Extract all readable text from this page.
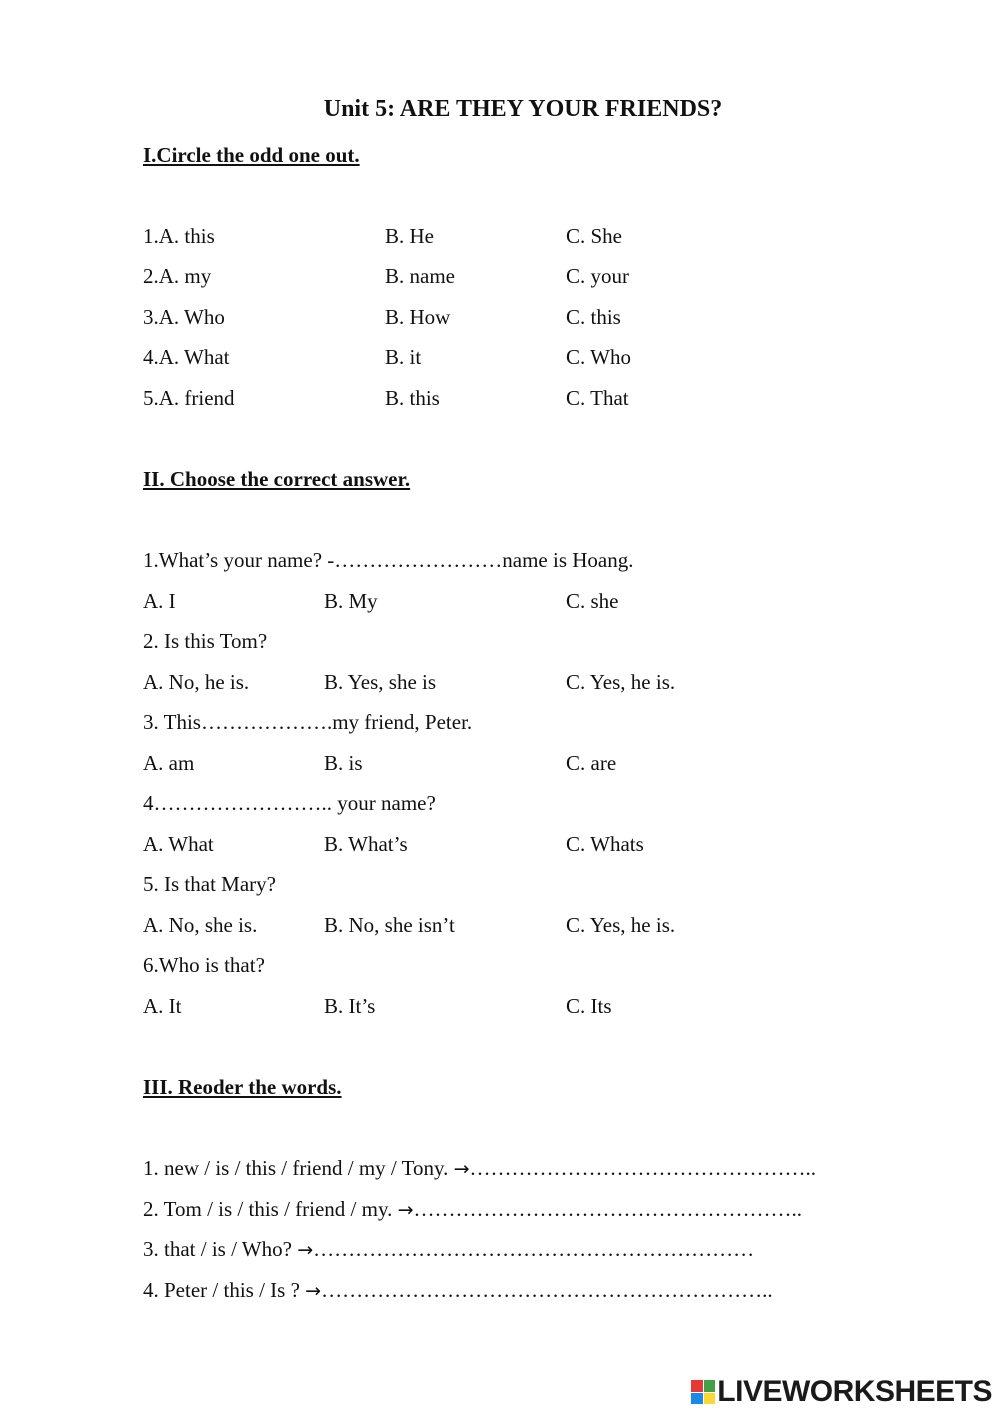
Unit 5: ARE THEY YOUR FRIENDS?
I.Circle the odd one out.
1.A. this	B. He	C. She
2.A. my	B. name	C. your
3.A. Who	B. How	C. this
4.A. What	B. it	C. Who
5.A. friend	B. this	C. That
II. Choose the correct answer.
1.What’s your name? -……………………name is Hoang.
A. I	B. My	C. she
2. Is this Tom?
A. No, he is.	B. Yes, she is	C. Yes, he is.
3. This……………….my friend, Peter.
A. am	B. is	C. are
4…………………….. your name?
A. What	B. What’s	C. Whats
5. Is that Mary?
A. No, she is.	B. No, she isn’t	C. Yes, he is.
6.Who is that?
A. It	B. It’s	C. Its
III. Reoder the words.
1. new / is / this / friend / my / Tony. →…………………………………………..
2. Tom / is / this / friend / my. →………………………………………………..
3. that / is / Who? →………………………………………………………
4. Peter / this / Is ? →………………………………………………………..
LIVEWORKSHEETS
